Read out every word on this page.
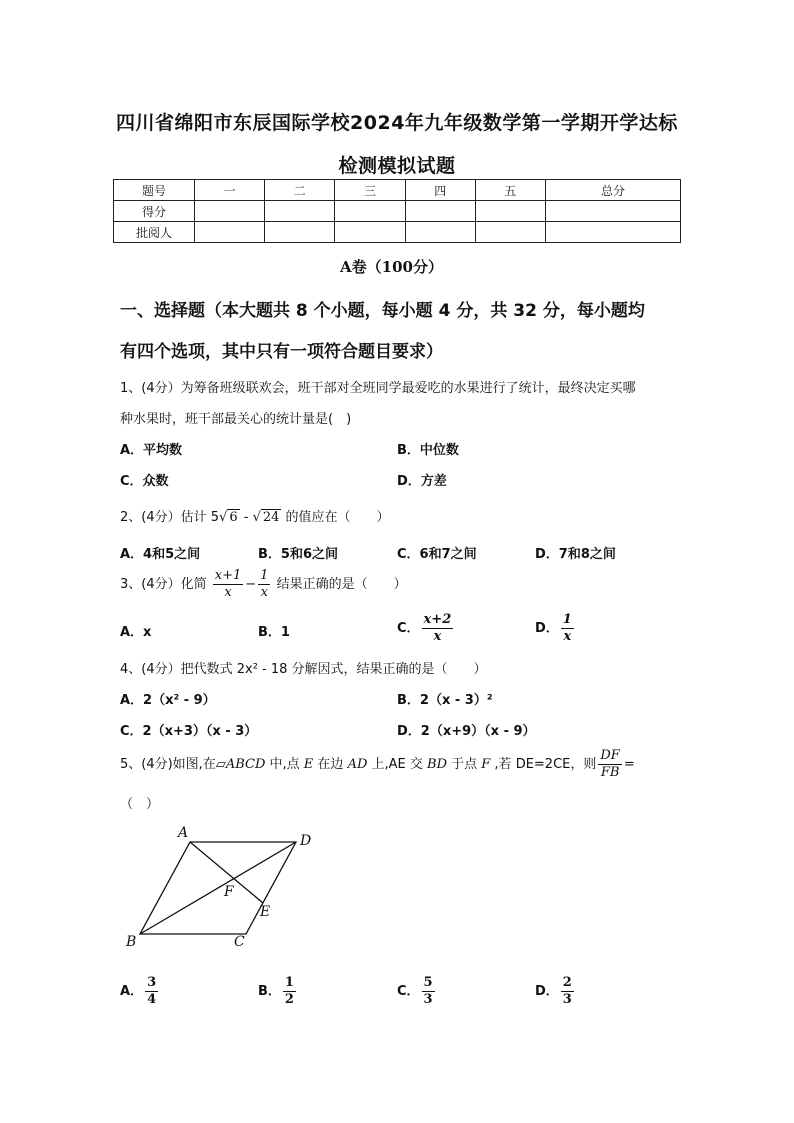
四川省绵阳市东辰国际学校2024年九年级数学第一学期开学达标
检测模拟试题
题号	一	二	三	四	五	总分
得分						
批阅人						
A卷（100分）
一、选择题（本大题共 8 个小题，每小题 4 分，共 32 分，每小题均
有四个选项，其中只有一项符合题目要求）
1、(4分）为筹备班级联欢会，班干部对全班同学最爱吃的水果进行了统计，最终决定买哪
种水果时，班干部最关心的统计量是(　)
A．平均数	B．中位数
C．众数	D．方差
2、(4分）估计 5√ 6 - √ 24 的值应在（　　）
A．4和5之间	B．5和6之间	C．6和7之间	D．7和8之间
3、(4分）化简 $\frac{x+1}{x} - \frac{1}{x}$ 结果正确的是（　　）
A．x	B．1	C． $\frac{x+2}{x}$	D． $\frac{1}{x}$
4、(4分）把代数式 2x² - 18 分解因式，结果正确的是（　　）
A．2（x² - 9）	B．2（x - 3）²
C．2（x+3）（x - 3）	D．2（x+9）（x - 9）
5、(4分)如图,在▱ABCD 中,点 E 在边 AD 上,AE 交 BD 于点 F ,若 DE=2CE，则 $\frac{DF}{FB}$ =
（　）
A	D
B	C
E
F
A． $\frac{3}{4}$	B． $\frac{1}{2}$	C． $\frac{5}{3}$	D． $\frac{2}{3}$
